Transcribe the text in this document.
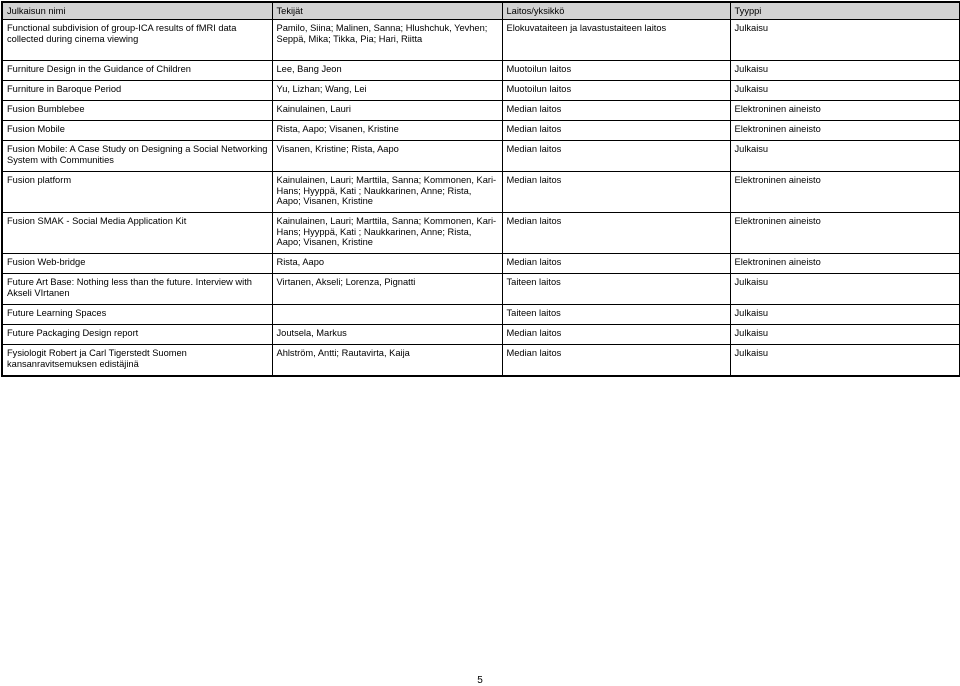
Julkaisun nimi	Tekijät	Laitos/yksikkö	Tyyppi
Functional subdivision of group-ICA results of fMRI data collected during cinema viewing	Pamilo, Siina; Malinen, Sanna; Hlushchuk, Yevhen; Seppä, Mika; Tikka, Pia; Hari, Riitta	Elokuvataiteen ja lavastustaiteen laitos	Julkaisu
Furniture Design in the Guidance of Children	Lee, Bang Jeon	Muotoilun laitos	Julkaisu
Furniture in Baroque Period	Yu, Lizhan; Wang, Lei	Muotoilun laitos	Julkaisu
Fusion Bumblebee	Kainulainen, Lauri	Median laitos	Elektroninen aineisto
Fusion Mobile	Rista, Aapo; Visanen, Kristine	Median laitos	Elektroninen aineisto
Fusion Mobile: A Case Study on Designing a Social Networking System with Communities	Visanen, Kristine; Rista, Aapo	Median laitos	Julkaisu
Fusion platform	Kainulainen, Lauri; Marttila, Sanna; Kommonen, Kari-Hans; Hyyppä, Kati ; Naukkarinen, Anne; Rista, Aapo; Visanen, Kristine	Median laitos	Elektroninen aineisto
Fusion SMAK - Social Media Application Kit	Kainulainen, Lauri; Marttila, Sanna; Kommonen, Kari-Hans; Hyyppä, Kati ; Naukkarinen, Anne; Rista, Aapo; Visanen, Kristine	Median laitos	Elektroninen aineisto
Fusion Web-bridge	Rista, Aapo	Median laitos	Elektroninen aineisto
Future Art Base: Nothing less than the future. Interview with Akseli VIrtanen	Virtanen, Akseli; Lorenza, Pignatti	Taiteen laitos	Julkaisu
Future Learning Spaces		Taiteen laitos	Julkaisu
Future Packaging Design report	Joutsela, Markus	Median laitos	Julkaisu
Fysiologit Robert ja Carl Tigerstedt Suomen kansanravitsemuksen edistäjinä	Ahlström, Antti; Rautavirta, Kaija	Median laitos	Julkaisu
5
